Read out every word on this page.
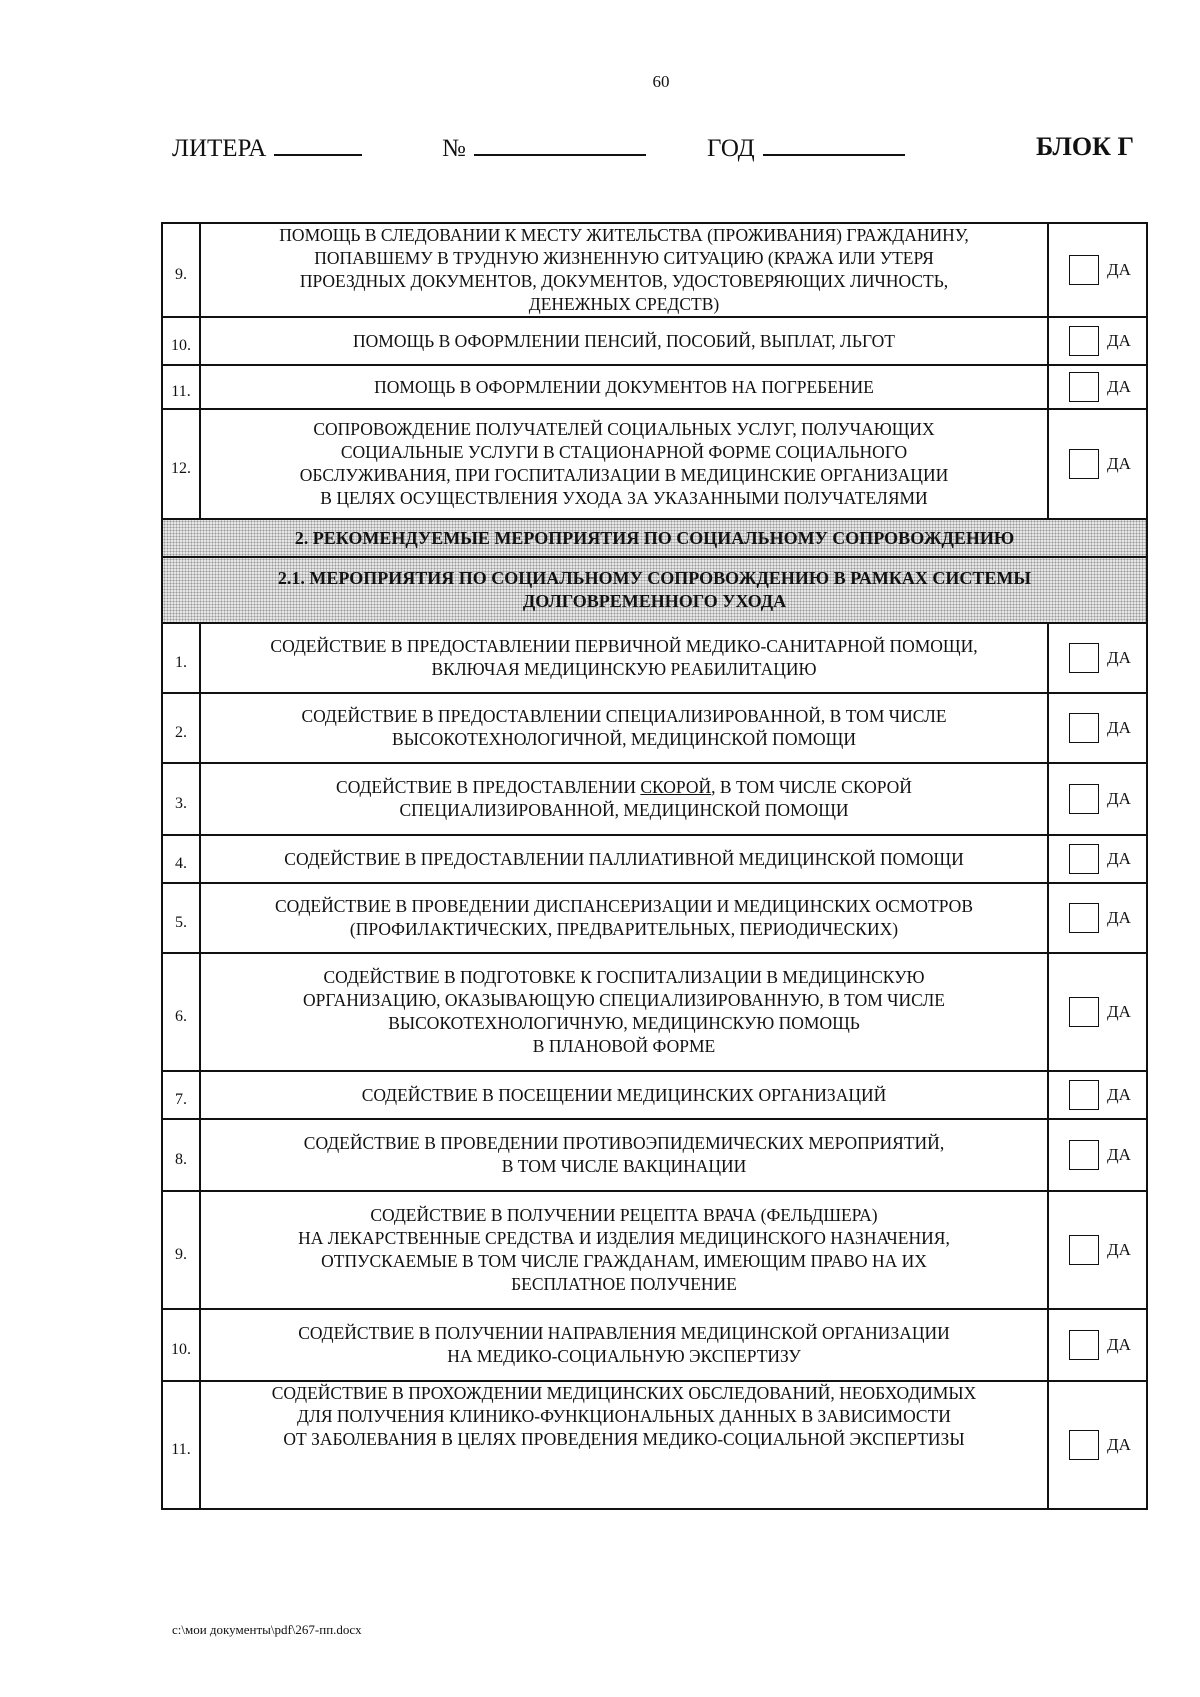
60
ЛИТЕРА	№	ГОД	БЛОК Г
9.	ПОМОЩЬ В СЛЕДОВАНИИ К МЕСТУ ЖИТЕЛЬСТВА (ПРОЖИВАНИЯ) ГРАЖДАНИНУ,
ПОПАВШЕМУ В ТРУДНУЮ ЖИЗНЕННУЮ СИТУАЦИЮ (КРАЖА ИЛИ УТЕРЯ
ПРОЕЗДНЫХ ДОКУМЕНТОВ, ДОКУМЕНТОВ, УДОСТОВЕРЯЮЩИХ ЛИЧНОСТЬ,
ДЕНЕЖНЫХ СРЕДСТВ)	ДА
10.	ПОМОЩЬ В ОФОРМЛЕНИИ ПЕНСИЙ, ПОСОБИЙ, ВЫПЛАТ, ЛЬГОТ	ДА
11.	ПОМОЩЬ В ОФОРМЛЕНИИ ДОКУМЕНТОВ НА ПОГРЕБЕНИЕ	ДА
12.	СОПРОВОЖДЕНИЕ ПОЛУЧАТЕЛЕЙ СОЦИАЛЬНЫХ УСЛУГ, ПОЛУЧАЮЩИХ
СОЦИАЛЬНЫЕ УСЛУГИ В СТАЦИОНАРНОЙ ФОРМЕ СОЦИАЛЬНОГО
ОБСЛУЖИВАНИЯ, ПРИ ГОСПИТАЛИЗАЦИИ В МЕДИЦИНСКИЕ ОРГАНИЗАЦИИ
В ЦЕЛЯХ ОСУЩЕСТВЛЕНИЯ УХОДА ЗА УКАЗАННЫМИ ПОЛУЧАТЕЛЯМИ	ДА
2. РЕКОМЕНДУЕМЫЕ МЕРОПРИЯТИЯ ПО СОЦИАЛЬНОМУ СОПРОВОЖДЕНИЮ		

2.1. МЕРОПРИЯТИЯ ПО СОЦИАЛЬНОМУ СОПРОВОЖДЕНИЮ В РАМКАХ СИСТЕМЫ
ДОЛГОВРЕМЕННОГО УХОДА		

1.	СОДЕЙСТВИЕ В ПРЕДОСТАВЛЕНИИ ПЕРВИЧНОЙ МЕДИКО-САНИТАРНОЙ ПОМОЩИ,
ВКЛЮЧАЯ МЕДИЦИНСКУЮ РЕАБИЛИТАЦИЮ	ДА
2.	СОДЕЙСТВИЕ В ПРЕДОСТАВЛЕНИИ СПЕЦИАЛИЗИРОВАННОЙ, В ТОМ ЧИСЛЕ
ВЫСОКОТЕХНОЛОГИЧНОЙ, МЕДИЦИНСКОЙ ПОМОЩИ	ДА
3.	СОДЕЙСТВИЕ В ПРЕДОСТАВЛЕНИИ СКОРОЙ, В ТОМ ЧИСЛЕ СКОРОЙ
СПЕЦИАЛИЗИРОВАННОЙ, МЕДИЦИНСКОЙ ПОМОЩИ	ДА
4.	СОДЕЙСТВИЕ В ПРЕДОСТАВЛЕНИИ ПАЛЛИАТИВНОЙ МЕДИЦИНСКОЙ ПОМОЩИ	ДА
5.	СОДЕЙСТВИЕ В ПРОВЕДЕНИИ ДИСПАНСЕРИЗАЦИИ И МЕДИЦИНСКИХ ОСМОТРОВ
(ПРОФИЛАКТИЧЕСКИХ, ПРЕДВАРИТЕЛЬНЫХ, ПЕРИОДИЧЕСКИХ)	ДА
6.	СОДЕЙСТВИЕ В ПОДГОТОВКЕ К ГОСПИТАЛИЗАЦИИ В МЕДИЦИНСКУЮ
ОРГАНИЗАЦИЮ, ОКАЗЫВАЮЩУЮ СПЕЦИАЛИЗИРОВАННУЮ, В ТОМ ЧИСЛЕ
ВЫСОКОТЕХНОЛОГИЧНУЮ, МЕДИЦИНСКУЮ ПОМОЩЬ
В ПЛАНОВОЙ ФОРМЕ	ДА
7.	СОДЕЙСТВИЕ В ПОСЕЩЕНИИ МЕДИЦИНСКИХ ОРГАНИЗАЦИЙ	ДА
8.	СОДЕЙСТВИЕ В ПРОВЕДЕНИИ ПРОТИВОЭПИДЕМИЧЕСКИХ МЕРОПРИЯТИЙ,
В ТОМ ЧИСЛЕ ВАКЦИНАЦИИ	ДА
9.	СОДЕЙСТВИЕ В ПОЛУЧЕНИИ РЕЦЕПТА ВРАЧА (ФЕЛЬДШЕРА)
НА ЛЕКАРСТВЕННЫЕ СРЕДСТВА И ИЗДЕЛИЯ МЕДИЦИНСКОГО НАЗНАЧЕНИЯ,
ОТПУСКАЕМЫЕ В ТОМ ЧИСЛЕ ГРАЖДАНАМ, ИМЕЮЩИМ ПРАВО НА ИХ
БЕСПЛАТНОЕ ПОЛУЧЕНИЕ	ДА
10.	СОДЕЙСТВИЕ В ПОЛУЧЕНИИ НАПРАВЛЕНИЯ МЕДИЦИНСКОЙ ОРГАНИЗАЦИИ
НА МЕДИКО-СОЦИАЛЬНУЮ ЭКСПЕРТИЗУ	ДА
11.	СОДЕЙСТВИЕ В ПРОХОЖДЕНИИ МЕДИЦИНСКИХ ОБСЛЕДОВАНИЙ, НЕОБХОДИМЫХ
ДЛЯ ПОЛУЧЕНИЯ КЛИНИКО-ФУНКЦИОНАЛЬНЫХ ДАННЫХ В ЗАВИСИМОСТИ
ОТ ЗАБОЛЕВАНИЯ В ЦЕЛЯХ ПРОВЕДЕНИЯ МЕДИКО-СОЦИАЛЬНОЙ ЭКСПЕРТИЗЫ	ДА
c:\мои документы\pdf\267-пп.docx
